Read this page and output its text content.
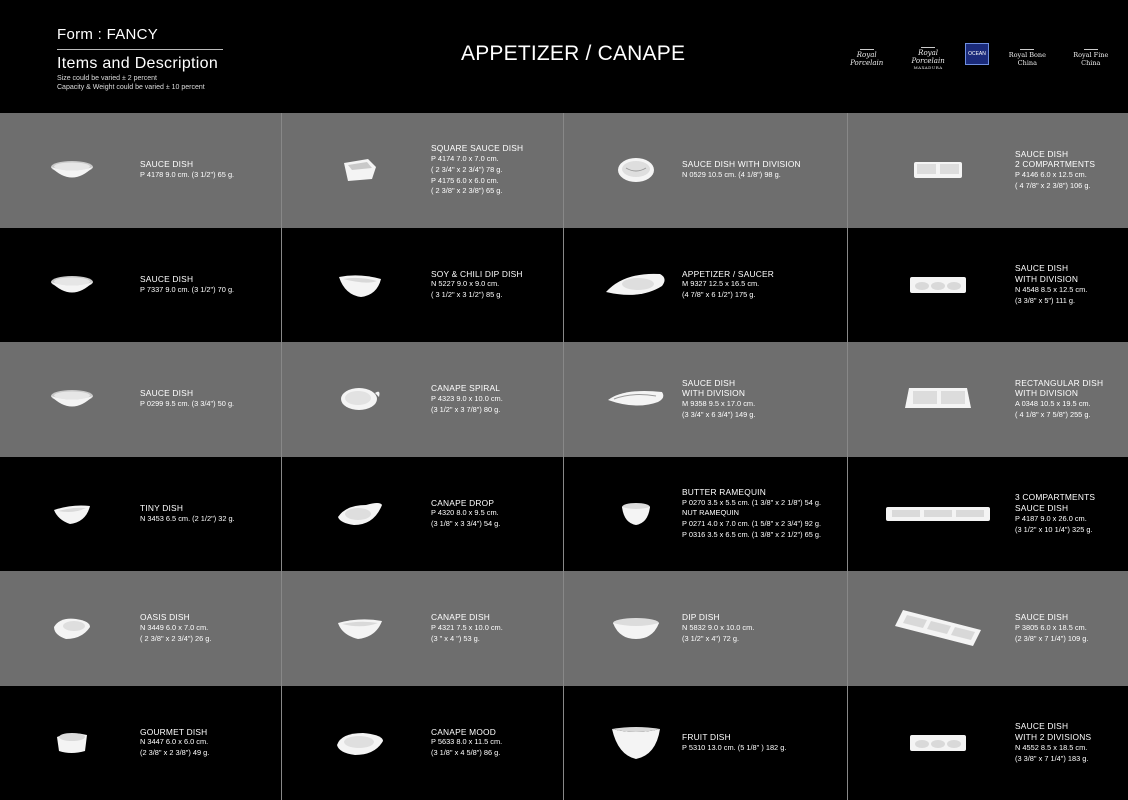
Form : FANCY
Items and Description
Size could be varied ± 2 percent
Capacity & Weight could be varied ± 10 percent
APPETIZER / CANAPE	Royal Porcelain
Royal Porcelain
MAXADURA
OCEAN	Royal Bone China
Royal Fine China
SAUCE DISH
P 4178 9.0 cm. (3 1/2") 65 g.
SQUARE SAUCE DISH
P 4174 7.0 x 7.0 cm.
( 2 3/4" x 2 3/4") 78 g.
P 4175 6.0 x 6.0 cm.
( 2 3/8" x 2 3/8") 65 g.
SAUCE DISH WITH DIVISION
N 0529 10.5 cm. (4 1/8") 98 g.
SAUCE DISH
2 COMPARTMENTS
P 4146 6.0 x 12.5 cm.
( 4 7/8" x 2 3/8") 106 g.
SAUCE DISH
P 7337 9.0 cm. (3 1/2") 70 g.
SOY & CHILI DIP DISH
N 5227 9.0 x 9.0 cm.
( 3 1/2" x 3 1/2") 85 g.
APPETIZER / SAUCER
M 9327 12.5 x 16.5 cm.
(4 7/8" x 6 1/2") 175 g.
SAUCE DISH
WITH DIVISION
N 4548 8.5 x 12.5 cm.
(3 3/8" x 5") 111 g.
SAUCE DISH
P 0299 9.5 cm. (3 3/4") 50 g.
CANAPE SPIRAL
P 4323 9.0 x 10.0 cm.
(3 1/2" x 3 7/8") 80 g.
SAUCE DISH
WITH DIVISION
M 9358 9.5 x 17.0 cm.
(3 3/4" x 6 3/4") 149 g.
RECTANGULAR DISH
WITH DIVISION
A 0348 10.5 x 19.5 cm.
( 4 1/8" x 7 5/8") 255 g.
TINY DISH
N 3453 6.5 cm. (2 1/2") 32 g.
CANAPE DROP
P 4320 8.0 x 9.5 cm.
(3 1/8" x 3 3/4") 54 g.
BUTTER RAMEQUIN
P 0270 3.5 x 5.5 cm. (1 3/8" x 2 1/8") 54 g.
NUT RAMEQUIN
P 0271 4.0 x 7.0 cm. (1 5/8" x 2 3/4") 92 g.
P 0316 3.5 x 6.5 cm. (1 3/8" x 2 1/2") 65 g.
3 COMPARTMENTS
SAUCE DISH
P 4187 9.0 x 26.0 cm.
(3 1/2" x 10 1/4") 325 g.
OASIS DISH
N 3449 6.0 x 7.0 cm.
( 2 3/8" x 2 3/4") 26 g.
CANAPE DISH
P 4321 7.5 x 10.0 cm.
(3 " x 4 ") 53 g.
DIP DISH
N 5832 9.0 x 10.0 cm.
(3 1/2" x 4") 72 g.
SAUCE DISH
P 3805 6.0 x 18.5 cm.
(2 3/8" x 7 1/4") 109 g.
GOURMET DISH
N 3447 6.0 x 6.0 cm.
(2 3/8" x 2 3/8") 49 g.
CANAPE MOOD
P 5633 8.0 x 11.5 cm.
(3 1/8" x 4 5/8") 86 g.
FRUIT DISH
P 5310 13.0 cm. (5 1/8" ) 182 g.
SAUCE DISH
WITH 2 DIVISIONS
N 4552 8.5 x 18.5 cm.
(3 3/8" x 7 1/4") 183 g.
